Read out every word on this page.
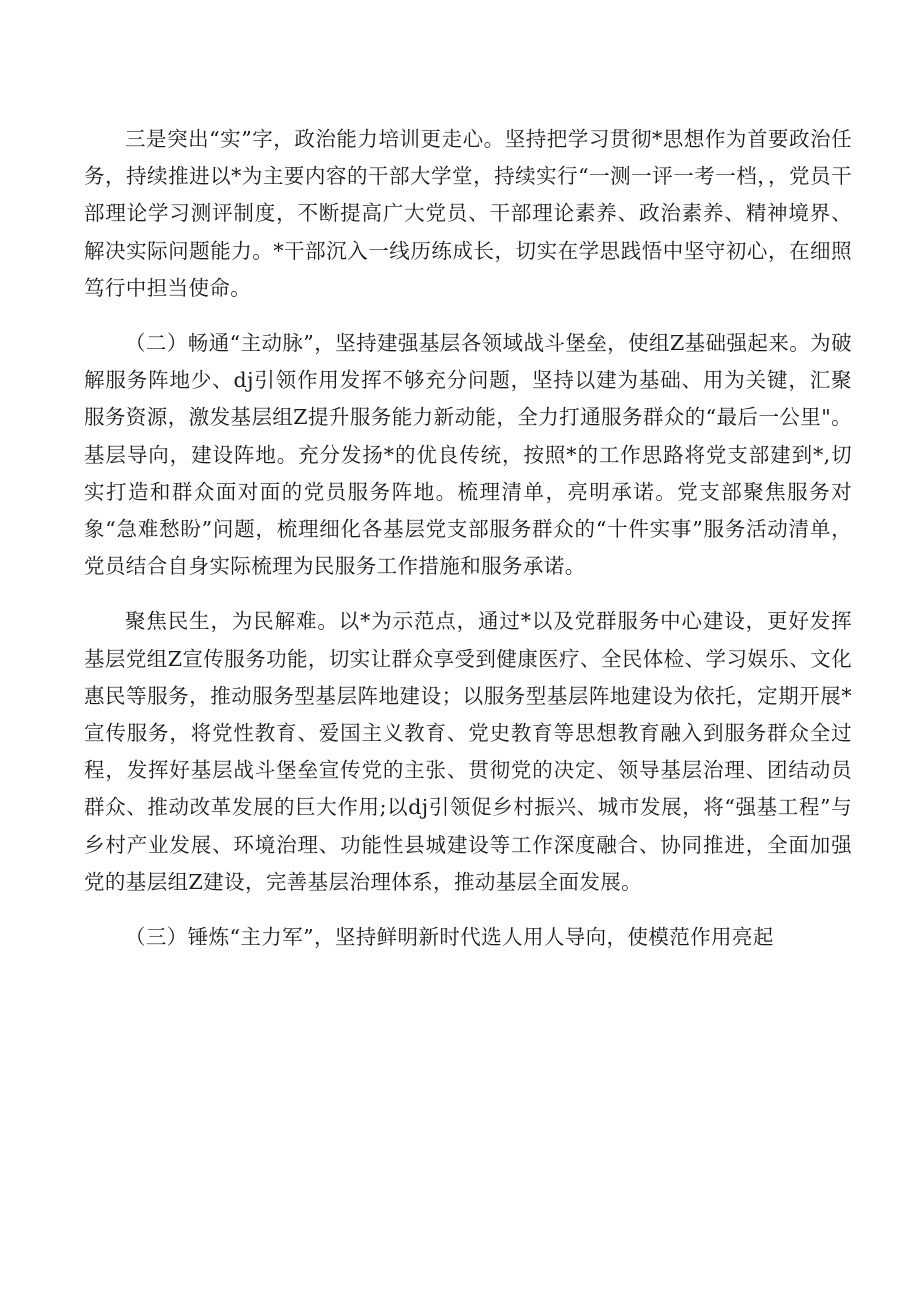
三是突出“实”字，政治能力培训更走心。坚持把学习贯彻*思想作为首要政治任务，持续推进以*为主要内容的干部大学堂，持续实行“一测一评一考一档，，党员干部理论学习测评制度，不断提高广大党员、干部理论素养、政治素养、精神境界、解决实际问题能力。*干部沉入一线历练成长，切实在学思践悟中坚守初心，在细照笃行中担当使命。

（二）畅通“主动脉”，坚持建强基层各领域战斗堡垒，使组Z基础强起来。为破解服务阵地少、dj引领作用发挥不够充分问题，坚持以建为基础、用为关键，汇聚服务资源，激发基层组Z提升服务能力新动能，全力打通服务群众的“最后一公里"。基层导向，建设阵地。充分发扬*的优良传统，按照*的工作思路将党支部建到*,切实打造和群众面对面的党员服务阵地。梳理清单，亮明承诺。党支部聚焦服务对象“急难愁盼”问题，梳理细化各基层党支部服务群众的“十件实事”服务活动清单，党员结合自身实际梳理为民服务工作措施和服务承诺。

聚焦民生，为民解难。以*为示范点，通过*以及党群服务中心建设，更好发挥基层党组Z宣传服务功能，切实让群众享受到健康医疗、全民体检、学习娱乐、文化惠民等服务，推动服务型基层阵地建设；以服务型基层阵地建设为依托，定期开展*宣传服务，将党性教育、爱国主义教育、党史教育等思想教育融入到服务群众全过程，发挥好基层战斗堡垒宣传党的主张、贯彻党的决定、领导基层治理、团结动员群众、推动改革发展的巨大作用;以dj引领促乡村振兴、城市发展，将“强基工程”与乡村产业发展、环境治理、功能性县城建设等工作深度融合、协同推进，全面加强党的基层组Z建设，完善基层治理体系，推动基层全面发展。

（三）锤炼“主力军”，坚持鲜明新时代选人用人导向，使模范作用亮起
